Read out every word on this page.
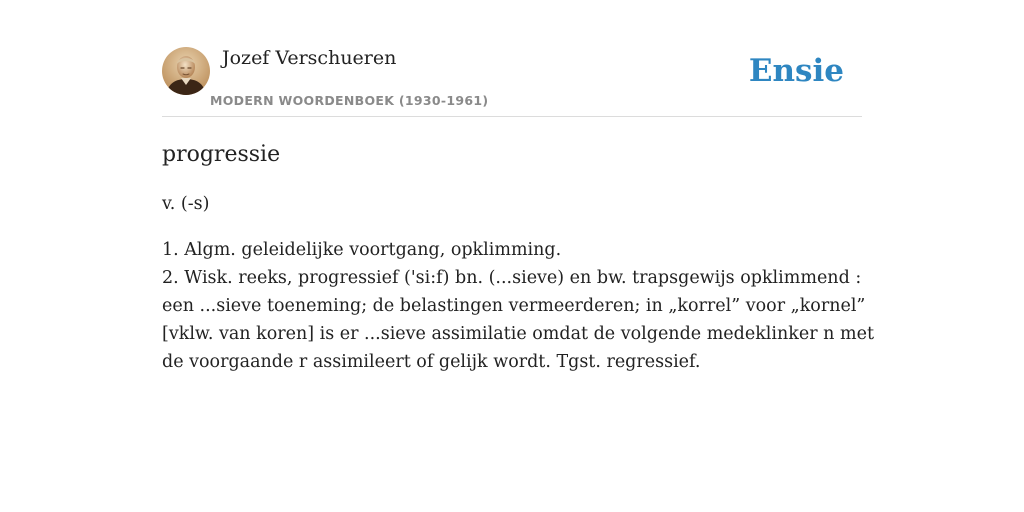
Jozef Verschueren
MODERN WOORDENBOEK (1930-1961)
Ensie
progressie

v. (-s)

1. Algm. geleidelijke voortgang, opklimming.
2. Wisk. reeks, progressief ('si:f) bn. (...sieve) en bw. trapsgewijs opklimmend :
een ...sieve toeneming; de belastingen vermeerderen; in „korrel” voor „kornel”
[vklw. van koren] is er ...sieve assimilatie omdat de volgende medeklinker n met
de voorgaande r assimileert of gelijk wordt. Tgst. regressief.
